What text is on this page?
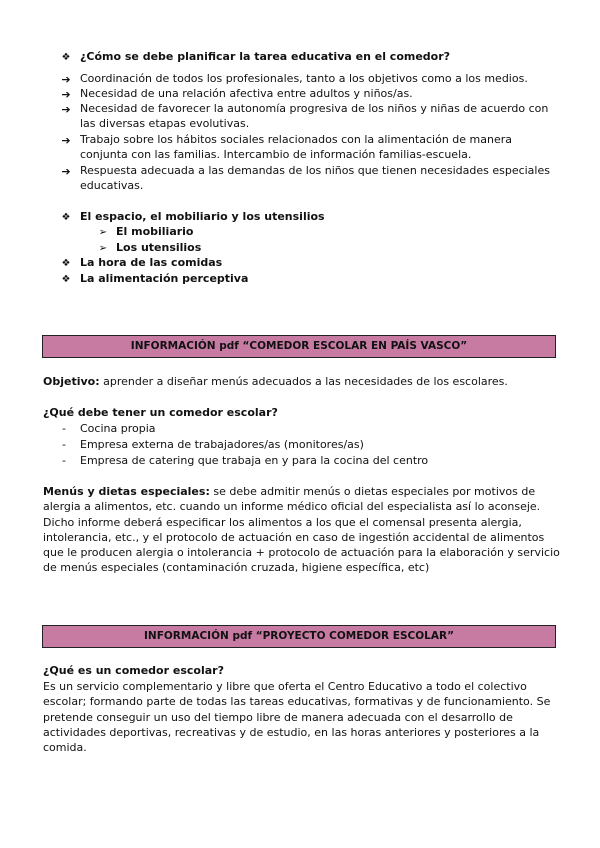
❖ ¿Cómo se debe planificar la tarea educativa en el comedor?
➔ Coordinación de todos los profesionales, tanto a los objetivos como a los medios.
➔ Necesidad de una relación afectiva entre adultos y niños/as.
➔ Necesidad de favorecer la autonomía progresiva de los niños y niñas de acuerdo con las diversas etapas evolutivas.
➔ Trabajo sobre los hábitos sociales relacionados con la alimentación de manera conjunta con las familias. Intercambio de información familias-escuela.
➔ Respuesta adecuada a las demandas de los niños que tienen necesidades especiales educativas.
❖ El espacio, el mobiliario y los utensilios
➢ El mobiliario
➢ Los utensilios
❖ La hora de las comidas
❖ La alimentación perceptiva
INFORMACIÓN pdf “COMEDOR ESCOLAR EN PAÍS VASCO”
Objetivo: aprender a diseñar menús adecuados a las necesidades de los escolares.
¿Qué debe tener un comedor escolar?
-	Cocina propia
-	Empresa externa de trabajadores/as (monitores/as)
-	Empresa de catering que trabaja en y para la cocina del centro
Menús y dietas especiales: se debe admitir menús o dietas especiales por motivos de alergia a alimentos, etc. cuando un informe médico oficial del especialista así lo aconseje. Dicho informe deberá especificar los alimentos a los que el comensal presenta alergia, intolerancia, etc., y el protocolo de actuación en caso de ingestión accidental de alimentos que le producen alergia o intolerancia + protocolo de actuación para la elaboración y servicio de menús especiales (contaminación cruzada, higiene específica, etc)
INFORMACIÓN pdf “PROYECTO COMEDOR ESCOLAR”
¿Qué es un comedor escolar?
Es un servicio complementario y libre que oferta el Centro Educativo a todo el colectivo escolar; formando parte de todas las tareas educativas, formativas y de funcionamiento. Se pretende conseguir un uso del tiempo libre de manera adecuada con el desarrollo de actividades deportivas, recreativas y de estudio, en las horas anteriores y posteriores a la comida.
